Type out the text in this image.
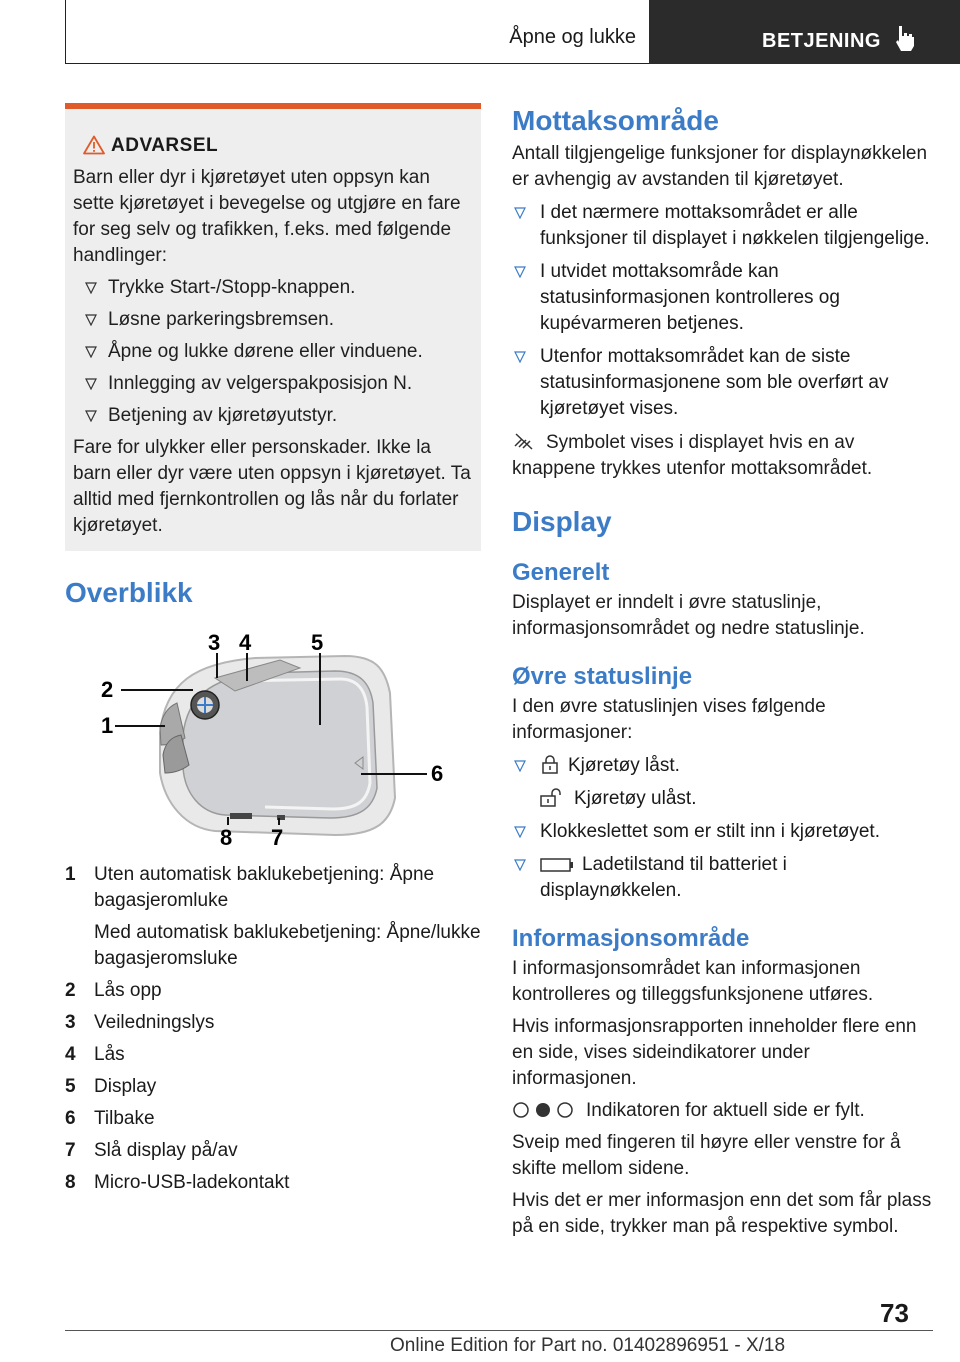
Åpne og lukke	BETJENING
ADVARSEL
Barn eller dyr i kjøretøyet uten oppsyn kan sette kjøretøyet i bevegelse og utgjøre en fare for seg selv og trafikken, f.eks. med følgende handlinger:
Trykke Start-/Stopp-knappen.
Løsne parkeringsbremsen.
Åpne og lukke dørene eller vinduene.
Innlegging av velgerspakposisjon N.
Betjening av kjøretøyutstyr.
Fare for ulykker eller personskader. Ikke la barn eller dyr være uten oppsyn i kjøretøyet. Ta alltid med fjernkontrollen og lås når du forlater kjøretøyet.
Overblikk
3 4	5
2
1
6
8 7
1 Uten automatisk baklukebetjening: Åpne bagasjeromluke
Med automatisk baklukebetjening: Åpne/lukke bagasjeromsluke
2 Lås opp
3 Veiledningslys
4 Lås
5 Display
6 Tilbake
7 Slå display på/av
8 Micro-USB-ladekontakt
Mottaksområde
Antall tilgjengelige funksjoner for displaynøkkelen er avhengig av avstanden til kjøretøyet.
I det nærmere mottaksområdet er alle funksjoner til displayet i nøkkelen tilgjengelige.
I utvidet mottaksområde kan statusinformasjonen kontrolleres og kupévarmeren betjenes.
Utenfor mottaksområdet kan de siste statusinformasjonene som ble overført av kjøretøyet vises.
Symbolet vises i displayet hvis en av knappene trykkes utenfor mottaksområdet.
Display
Generelt
Displayet er inndelt i øvre statuslinje, informasjonsområdet og nedre statuslinje.
Øvre statuslinje
I den øvre statuslinjen vises følgende informasjoner:
Kjøretøy låst.
Kjøretøy ulåst.
Klokkeslettet som er stilt inn i kjøretøyet.
Ladetilstand til batteriet i displaynøkkelen.
Informasjonsområde
I informasjonsområdet kan informasjonen kontrolleres og tilleggsfunksjonene utføres.
Hvis informasjonsrapporten inneholder flere enn en side, vises sideindikatorer under informasjonen.
Indikatoren for aktuell side er fylt.
Sveip med fingeren til høyre eller venstre for å skifte mellom sidene.
Hvis det er mer informasjon enn det som får plass på en side, trykker man på respektive symbol.
73
Online Edition for Part no. 01402896951 - X/18
